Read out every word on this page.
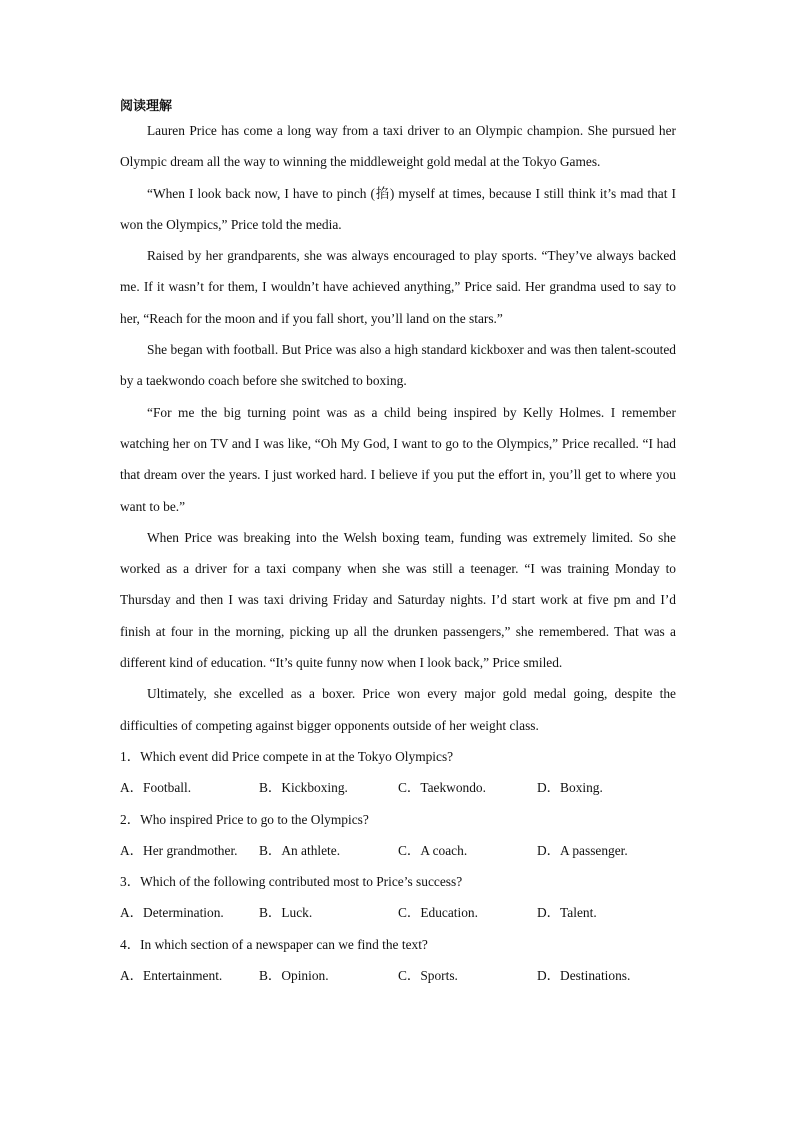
阅读理解

Lauren Price has come a long way from a taxi driver to an Olympic champion. She pursued her Olympic dream all the way to winning the middleweight gold medal at the Tokyo Games.

“When I look back now, I have to pinch (掐) myself at times, because I still think it’s mad that I won the Olympics,” Price told the media.

Raised by her grandparents, she was always encouraged to play sports. “They’ve always backed me. If it wasn’t for them, I wouldn’t have achieved anything,” Price said. Her grandma used to say to her, “Reach for the moon and if you fall short, you’ll land on the stars.”

She began with football. But Price was also a high standard kickboxer and was then talent-scouted by a taekwondo coach before she switched to boxing.

“For me the big turning point was as a child being inspired by Kelly Holmes. I remember watching her on TV and I was like, “Oh My God, I want to go to the Olympics,” Price recalled. “I had that dream over the years. I just worked hard. I believe if you put the effort in, you’ll get to where you want to be.”

When Price was breaking into the Welsh boxing team, funding was extremely limited. So she worked as a driver for a taxi company when she was still a teenager. “I was training Monday to Thursday and then I was taxi driving Friday and Saturday nights. I’d start work at five pm and I’d finish at four in the morning, picking up all the drunken passengers,” she remembered. That was a different kind of education. “It’s quite funny now when I look back,” Price smiled.

Ultimately, she excelled as a boxer. Price won every major gold medal going, despite the difficulties of competing against bigger opponents outside of her weight class.

1．Which event did Price compete in at the Tokyo Olympics?

A．Football.	B．Kickboxing.	C．Taekwondo.	D．Boxing.

2．Who inspired Price to go to the Olympics?

A．Her grandmother.	B．An athlete.	C．A coach.	D．A passenger.

3．Which of the following contributed most to Price’s success?

A．Determination.	B．Luck.	C．Education.	D．Talent.

4．In which section of a newspaper can we find the text?

A．Entertainment.	B．Opinion.	C．Sports.	D．Destinations.
